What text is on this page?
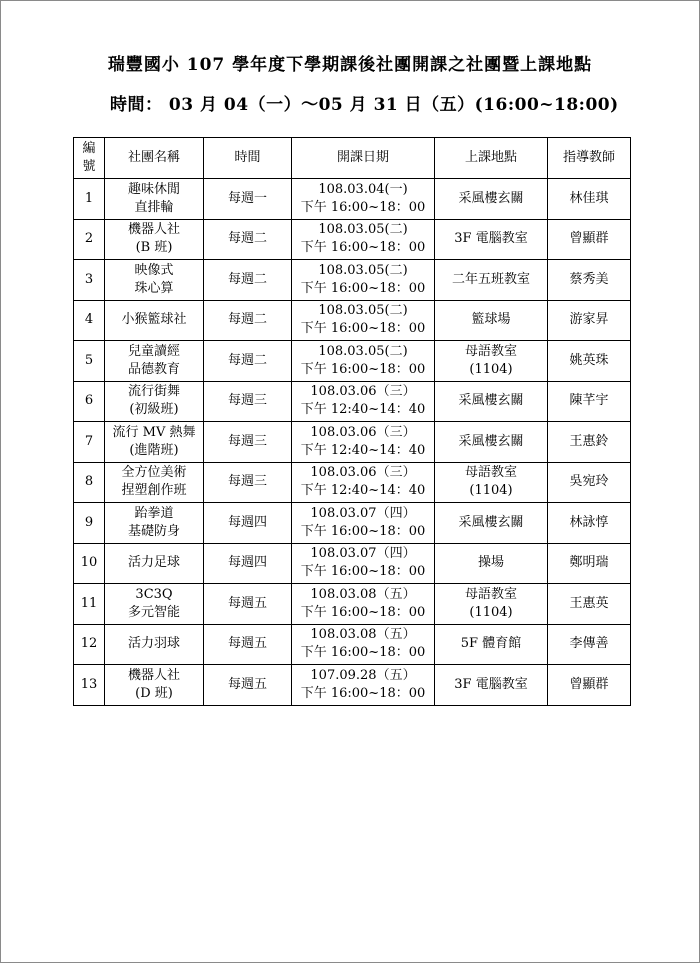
瑞豐國小 107 學年度下學期課後社團開課之社團暨上課地點
時間： 03 月 04（一）～05 月 31 日（五）(16:00~18:00)
編
號	社團名稱	時間	開課日期	上課地點	指導教師
1	趣味休閒
直排輪	每週一	108.03.04(一)
下午 16:00~18：00	采風樓玄關	林佳琪
2	機器人社
(B 班)	每週二	108.03.05(二)
下午 16:00~18：00	3F 電腦教室	曾顯群
3	映像式
珠心算	每週二	108.03.05(二)
下午 16:00~18：00	二年五班教室	蔡秀美
4	小猴籃球社	每週二	108.03.05(二)
下午 16:00~18：00	籃球場	游家昇
5	兒童讀經
品德教育	每週二	108.03.05(二)
下午 16:00~18：00	母語教室
(1104)	姚英珠
6	流行街舞
(初級班)	每週三	108.03.06（三）
下午 12:40~14：40	采風樓玄關	陳芊宇
7	流行 MV 熱舞
(進階班)	每週三	108.03.06（三）
下午 12:40~14：40	采風樓玄關	王惠鈴
8	全方位美術
捏塑創作班	每週三	108.03.06（三）
下午 12:40~14：40	母語教室
(1104)	吳宛玲
9	跆拳道
基礎防身	每週四	108.03.07（四）
下午 16:00~18：00	采風樓玄關	林詠惇
10	活力足球	每週四	108.03.07（四）
下午 16:00~18：00	操場	鄭明瑞
11	3C3Q
多元智能	每週五	108.03.08（五）
下午 16:00~18：00	母語教室
(1104)	王惠英
12	活力羽球	每週五	108.03.08（五）
下午 16:00~18：00	5F 體育館	李傳善
13	機器人社
(D 班)	每週五	107.09.28（五）
下午 16:00~18：00	3F 電腦教室	曾顯群
